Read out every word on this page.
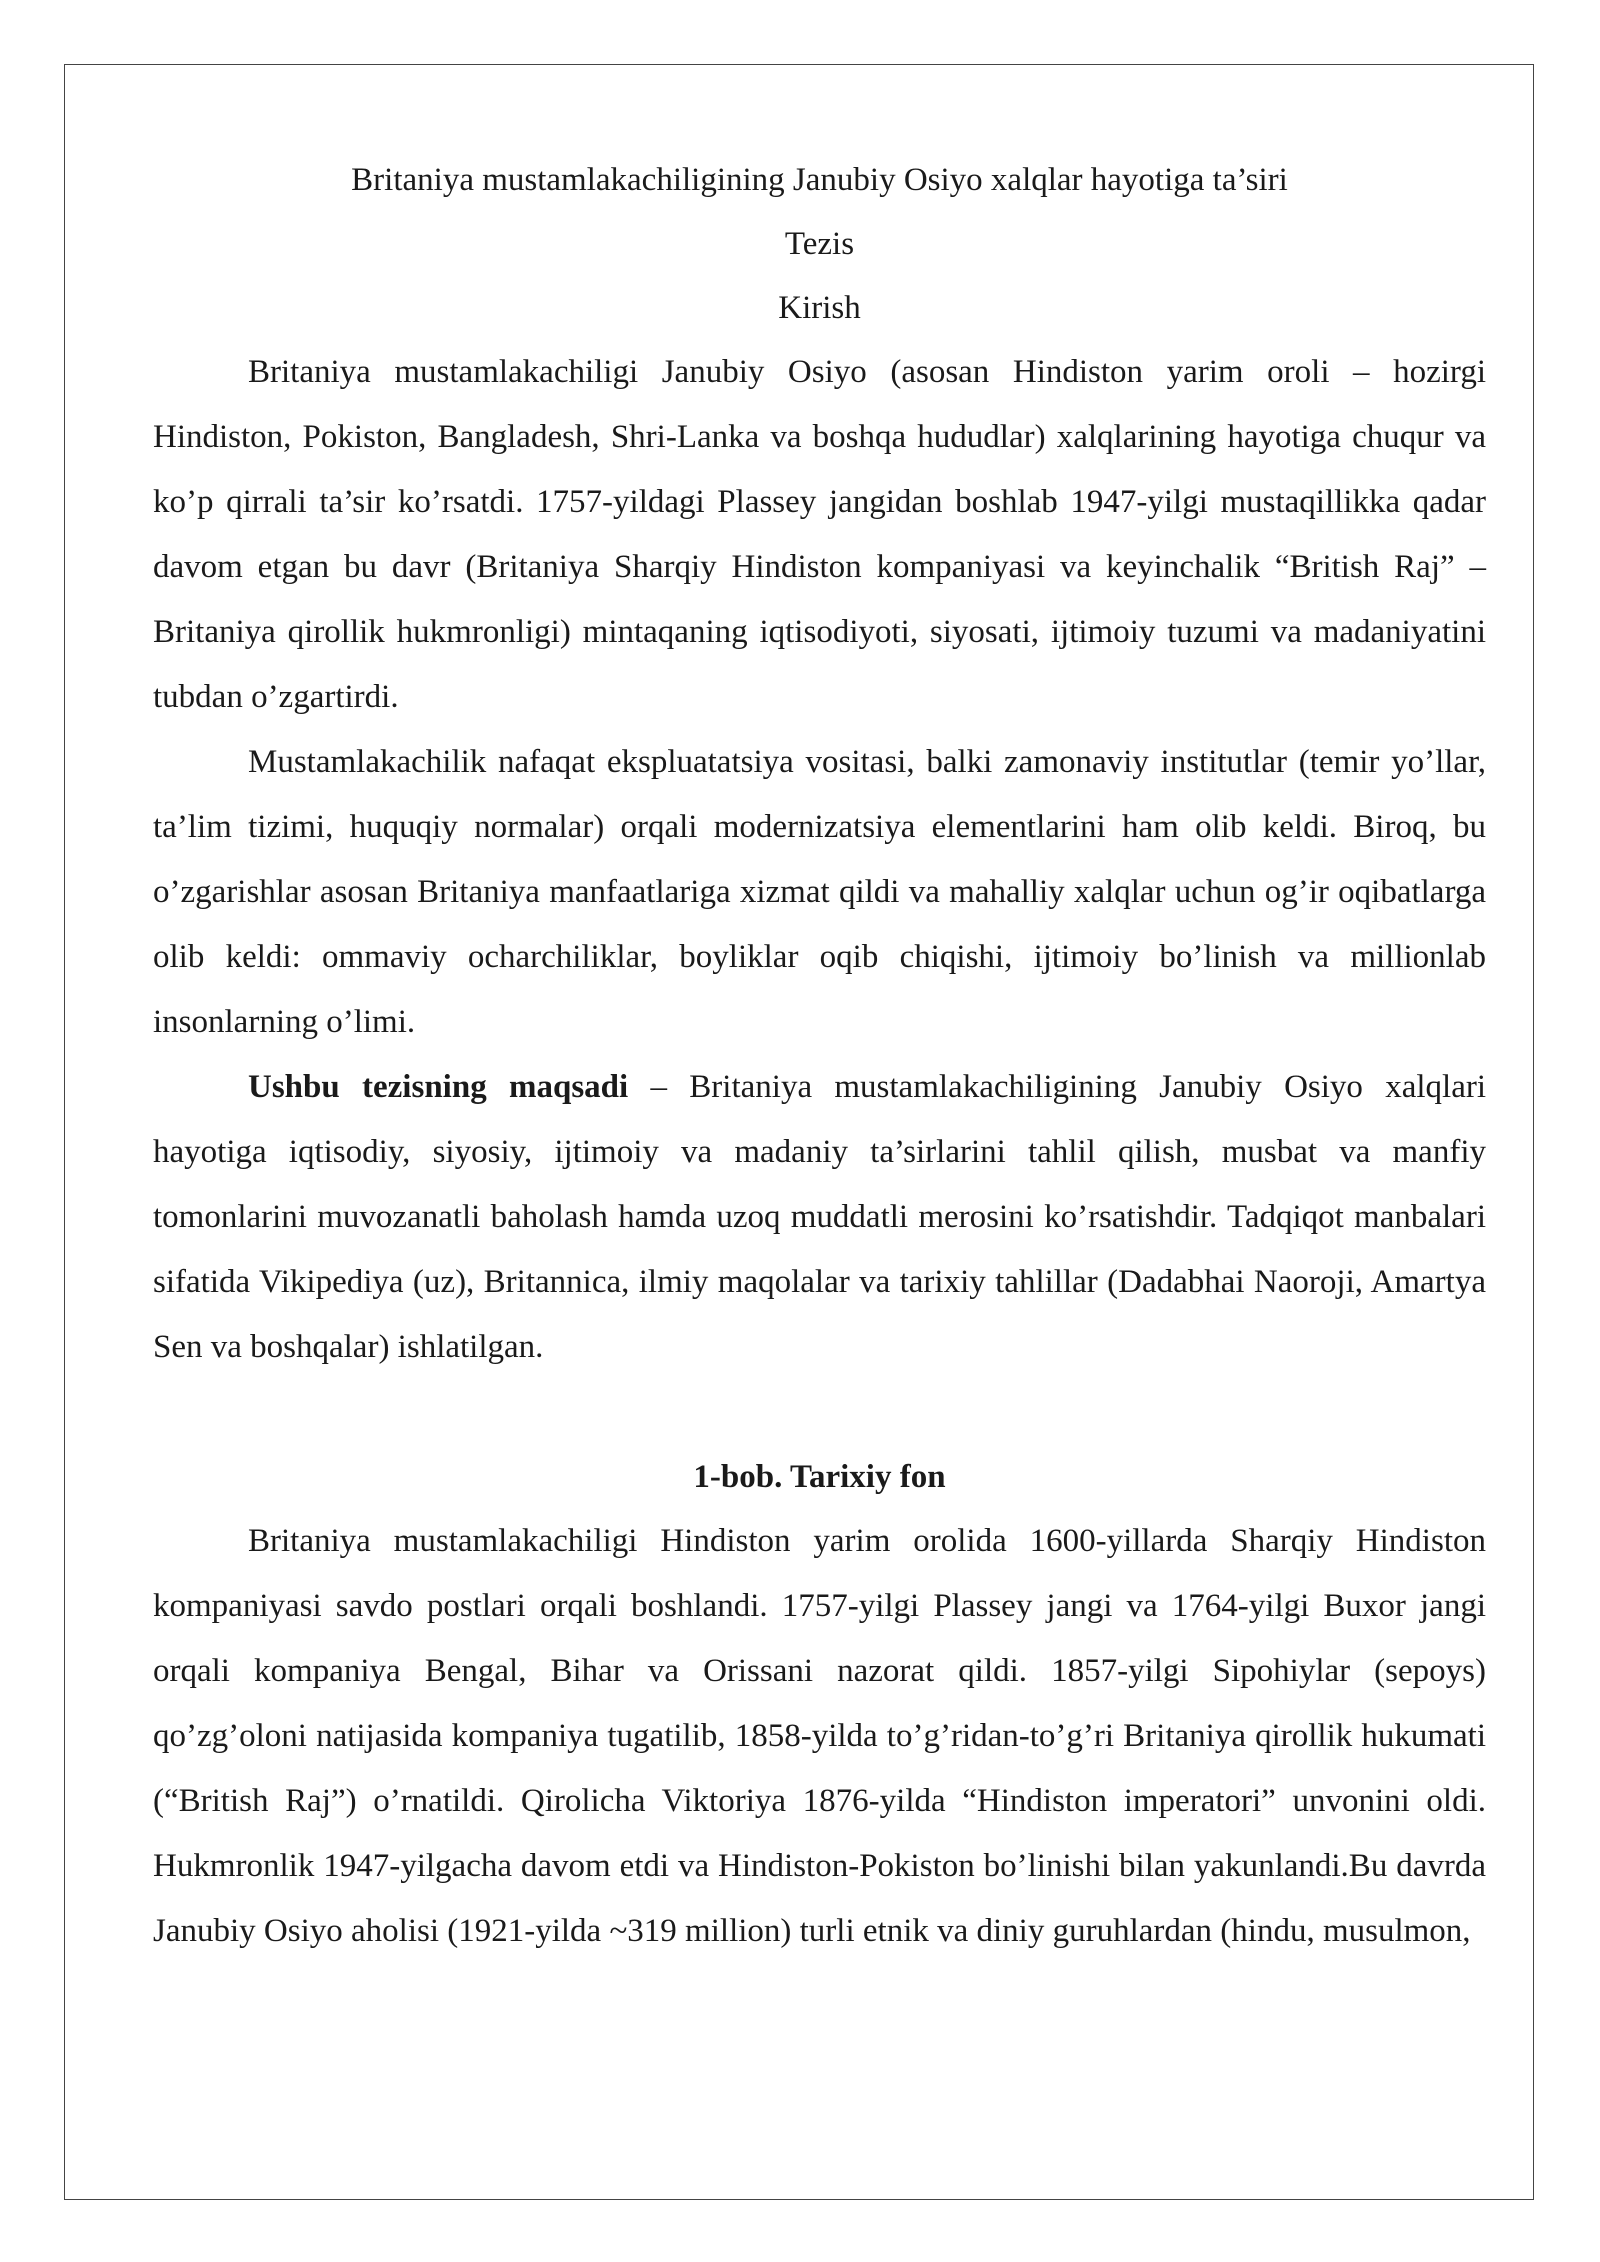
Britaniya mustamlakachiligining Janubiy Osiyo xalqlar hayotiga ta’siri

Tezis

Kirish

Britaniya mustamlakachiligi Janubiy Osiyo (asosan Hindiston yarim oroli – hozirgi Hindiston, Pokiston, Bangladesh, Shri-Lanka va boshqa hududlar) xalqlarining hayotiga chuqur va ko’p qirrali ta’sir ko’rsatdi. 1757-yildagi Plassey jangidan boshlab 1947-yilgi mustaqillikka qadar davom etgan bu davr (Britaniya Sharqiy Hindiston kompaniyasi va keyinchalik “British Raj” – Britaniya qirollik hukmronligi) mintaqaning iqtisodiyoti, siyosati, ijtimoiy tuzumi va madaniyatini tubdan o’zgartirdi.

Mustamlakachilik nafaqat ekspluatatsiya vositasi, balki zamonaviy institutlar (temir yo’llar, ta’lim tizimi, huquqiy normalar) orqali modernizatsiya elementlarini ham olib keldi. Biroq, bu o’zgarishlar asosan Britaniya manfaatlariga xizmat qildi va mahalliy xalqlar uchun og’ir oqibatlarga olib keldi: ommaviy ocharchiliklar, boyliklar oqib chiqishi, ijtimoiy bo’linish va millionlab insonlarning o’limi.

Ushbu tezisning maqsadi – Britaniya mustamlakachiligining Janubiy Osiyo xalqlari hayotiga iqtisodiy, siyosiy, ijtimoiy va madaniy ta’sirlarini tahlil qilish, musbat va manfiy tomonlarini muvozanatli baholash hamda uzoq muddatli merosini ko’rsatishdir. Tadqiqot manbalari sifatida Vikipediya (uz), Britannica, ilmiy maqolalar va tarixiy tahlillar (Dadabhai Naoroji, Amartya Sen va boshqalar) ishlatilgan.

1-bob. Tarixiy fon

Britaniya mustamlakachiligi Hindiston yarim orolida 1600-yillarda Sharqiy Hindiston kompaniyasi savdo postlari orqali boshlandi. 1757-yilgi Plassey jangi va 1764-yilgi Buxor jangi orqali kompaniya Bengal, Bihar va Orissani nazorat qildi. 1857-yilgi Sipohiylar (sepoys) qo’zg’oloni natijasida kompaniya tugatilib, 1858-yilda to’g’ridan-to’g’ri Britaniya qirollik hukumati (“British Raj”) o’rnatildi. Qirolicha Viktoriya 1876-yilda “Hindiston imperatori” unvonini oldi. Hukmronlik 1947-yilgacha davom etdi va Hindiston-Pokiston bo’linishi bilan yakunlandi.Bu davrda Janubiy Osiyo aholisi (1921-yilda ~319 million) turli etnik va diniy guruhlardan (hindu, musulmon,
